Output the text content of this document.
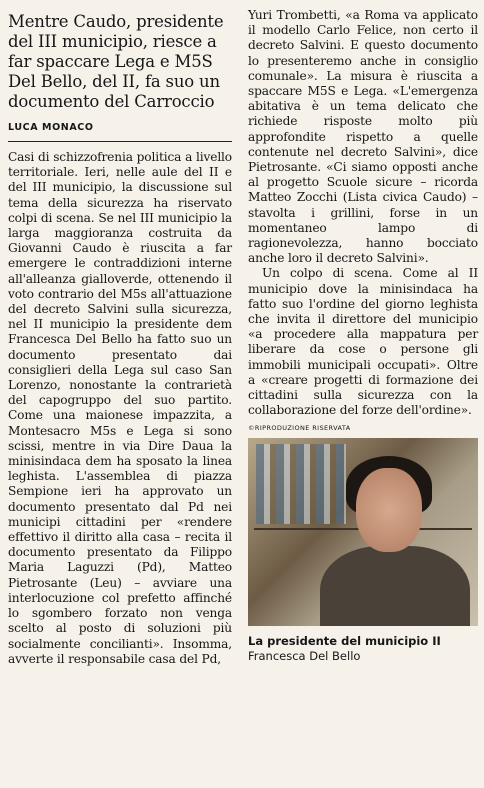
Mentre Caudo, presidente del III municipio, riesce a far spaccare Lega e M5S Del Bello, del II, fa suo un documento del Carroccio
LUCA MONACO

Casi di schizzofrenia politica a livello territoriale. Ieri, nelle aule del II e del III municipio, la discussione sul tema della sicurezza ha riservato colpi di scena. Se nel III municipio la larga maggioranza costruita da Giovanni Caudo è riuscita a far emergere le contraddizioni interne all'alleanza gialloverde, ottenendo il voto contrario del M5s all'attuazione del decreto Salvini sulla sicurezza, nel II municipio la presidente dem Francesca Del Bello ha fatto suo un documento presentato dai consiglieri della Lega sul caso San Lorenzo, nonostante la contrarietà del capogruppo del suo partito. Come una maionese impazzita, a Montesacro M5s e Lega si sono scissi, mentre in via Dire Daua la minisindaca dem ha sposato la linea leghista. L'assemblea di piazza Sempione ieri ha approvato un documento presentato dal Pd nei municipi cittadini per «rendere effettivo il diritto alla casa – recita il documento presentato da Filippo Maria Laguzzi (Pd), Matteo Pietrosante (Leu) – avviare una interlocuzione col prefetto affinché lo sgombero forzato non venga scelto al posto di soluzioni più socialmente concilianti». Insomma, avverte il responsabile casa del Pd,

Yuri Trombetti, «a Roma va applicato il modello Carlo Felice, non certo il decreto Salvini. E questo documento lo presenteremo anche in consiglio comunale». La misura è riuscita a spaccare M5S e Lega. «L'emergenza abitativa è un tema delicato che richiede risposte molto più approfondite rispetto a quelle contenute nel decreto Salvini», dice Pietrosante. «Ci siamo opposti anche al progetto Scuole sicure – ricorda Matteo Zocchi (Lista civica Caudo) – stavolta i grillini, forse in un momentaneo lampo di ragionevolezza, hanno bocciato anche loro il decreto Salvini».

Un colpo di scena. Come al II municipio dove la minisindaca ha fatto suo l'ordine del giorno leghista che invita il direttore del municipio «a procedere alla mappatura per liberare da cose o persone gli immobili municipali occupati». Oltre a «creare progetti di formazione dei cittadini sulla sicurezza con la collaborazione del forze dell'ordine».

©RIPRODUZIONE RISERVATA
La presidente del municipio II
Francesca Del Bello
